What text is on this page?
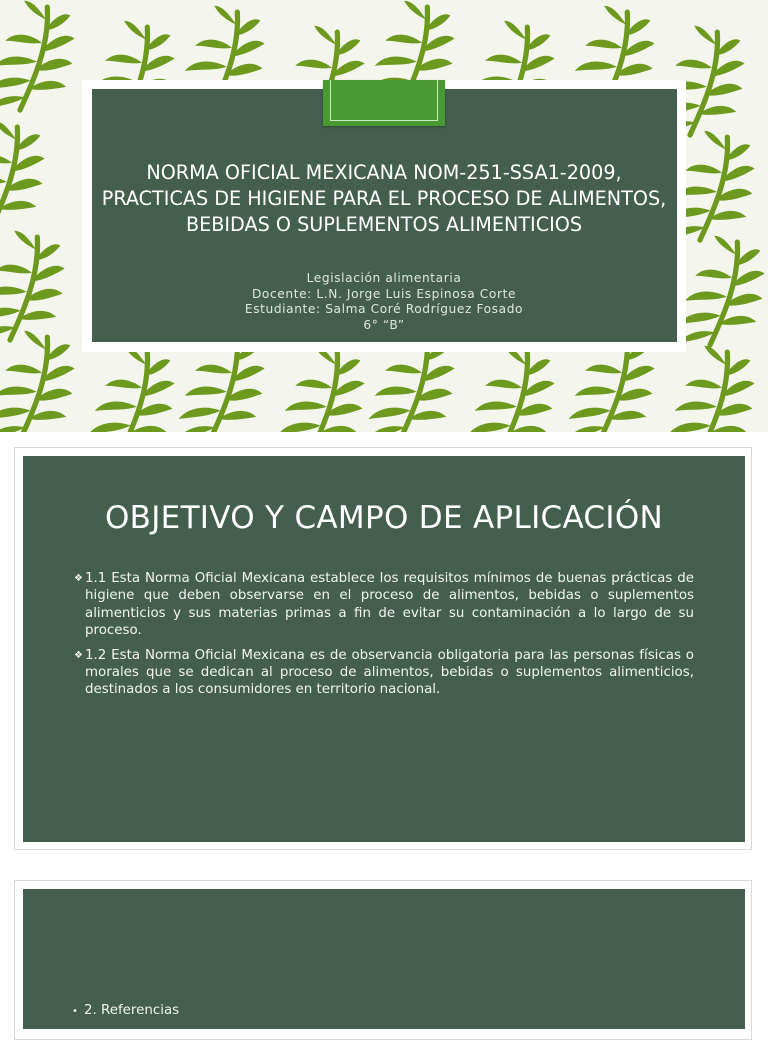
NORMA OFICIAL MEXICANA NOM-251-SSA1-2009, PRACTICAS DE HIGIENE PARA EL PROCESO DE ALIMENTOS, BEBIDAS O SUPLEMENTOS ALIMENTICIOS
Legislación alimentaria
Docente: L.N. Jorge Luis Espinosa Corte
Estudiante: Salma Coré Rodríguez Fosado
6° “B”
OBJETIVO Y CAMPO DE APLICACIÓN
❖ 1.1 Esta Norma Oficial Mexicana establece los requisitos mínimos de buenas prácticas de higiene que deben observarse en el proceso de alimentos, bebidas o suplementos alimenticios y sus materias primas a fin de evitar su contaminación a lo largo de su proceso.
❖ 1.2 Esta Norma Oficial Mexicana es de observancia obligatoria para las personas físicas o morales que se dedican al proceso de alimentos, bebidas o suplementos alimenticios, destinados a los consumidores en territorio nacional.
• 2. Referencias
